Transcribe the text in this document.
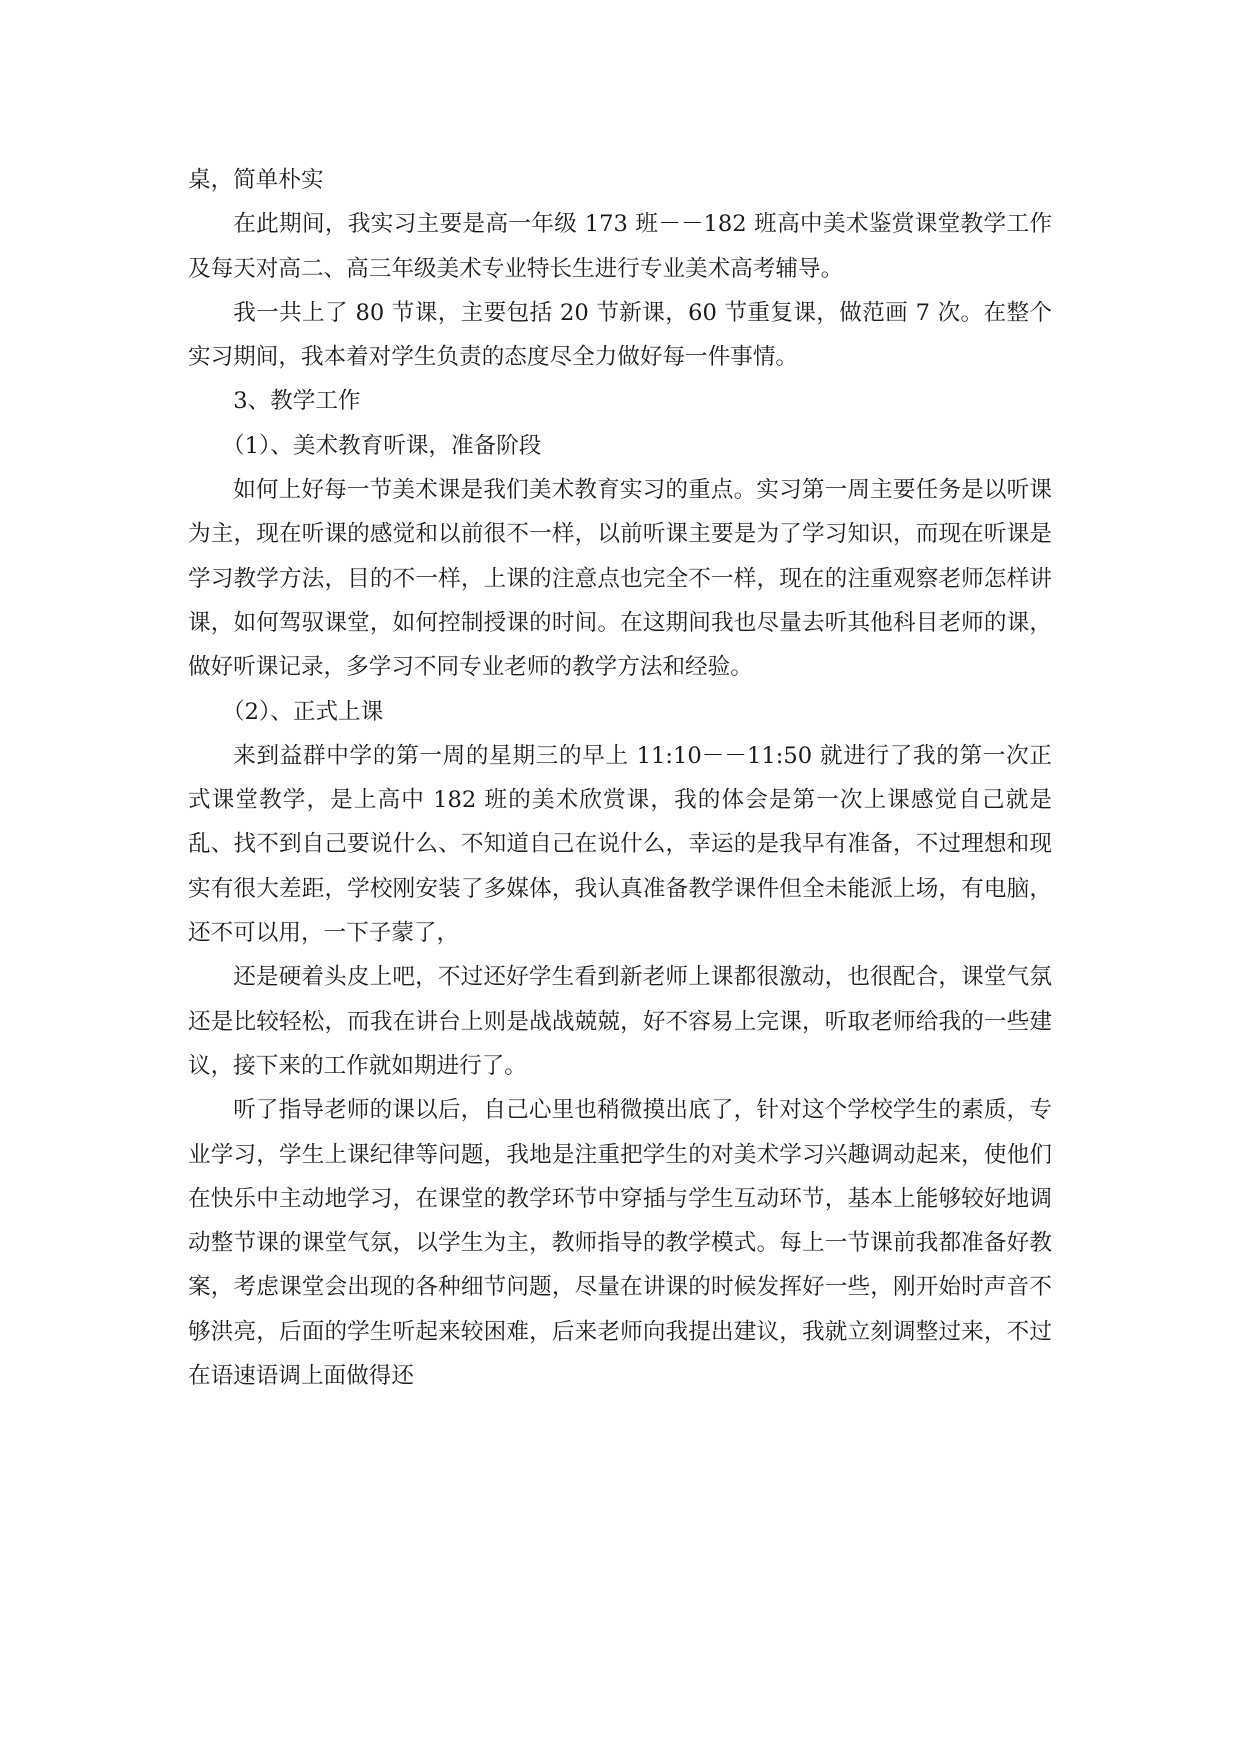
桌，简单朴实

在此期间，我实习主要是高一年级 173 班－－182 班高中美术鉴赏课堂教学工作及每天对高二、高三年级美术专业特长生进行专业美术高考辅导。

我一共上了 80 节课，主要包括 20 节新课，60 节重复课，做范画 7 次。在整个实习期间，我本着对学生负责的态度尽全力做好每一件事情。

3、教学工作

（1）、美术教育听课，准备阶段

如何上好每一节美术课是我们美术教育实习的重点。实习第一周主要任务是以听课为主，现在听课的感觉和以前很不一样，以前听课主要是为了学习知识，而现在听课是学习教学方法，目的不一样，上课的注意点也完全不一样，现在的注重观察老师怎样讲课，如何驾驭课堂，如何控制授课的时间。在这期间我也尽量去听其他科目老师的课，做好听课记录，多学习不同专业老师的教学方法和经验。

（2）、正式上课

来到益群中学的第一周的星期三的早上 11:10－－11:50 就进行了我的第一次正式课堂教学，是上高中 182 班的美术欣赏课，我的体会是第一次上课感觉自己就是乱、找不到自己要说什么、不知道自己在说什么，幸运的是我早有准备，不过理想和现实有很大差距，学校刚安装了多媒体，我认真准备教学课件但全未能派上场，有电脑，还不可以用，一下子蒙了，

还是硬着头皮上吧，不过还好学生看到新老师上课都很激动，也很配合，课堂气氛还是比较轻松，而我在讲台上则是战战兢兢，好不容易上完课，听取老师给我的一些建议，接下来的工作就如期进行了。

听了指导老师的课以后，自己心里也稍微摸出底了，针对这个学校学生的素质，专业学习，学生上课纪律等问题，我地是注重把学生的对美术学习兴趣调动起来，使他们在快乐中主动地学习，在课堂的教学环节中穿插与学生互动环节，基本上能够较好地调动整节课的课堂气氛，以学生为主，教师指导的教学模式。每上一节课前我都准备好教案，考虑课堂会出现的各种细节问题，尽量在讲课的时候发挥好一些，刚开始时声音不够洪亮，后面的学生听起来较困难，后来老师向我提出建议，我就立刻调整过来，不过在语速语调上面做得还
